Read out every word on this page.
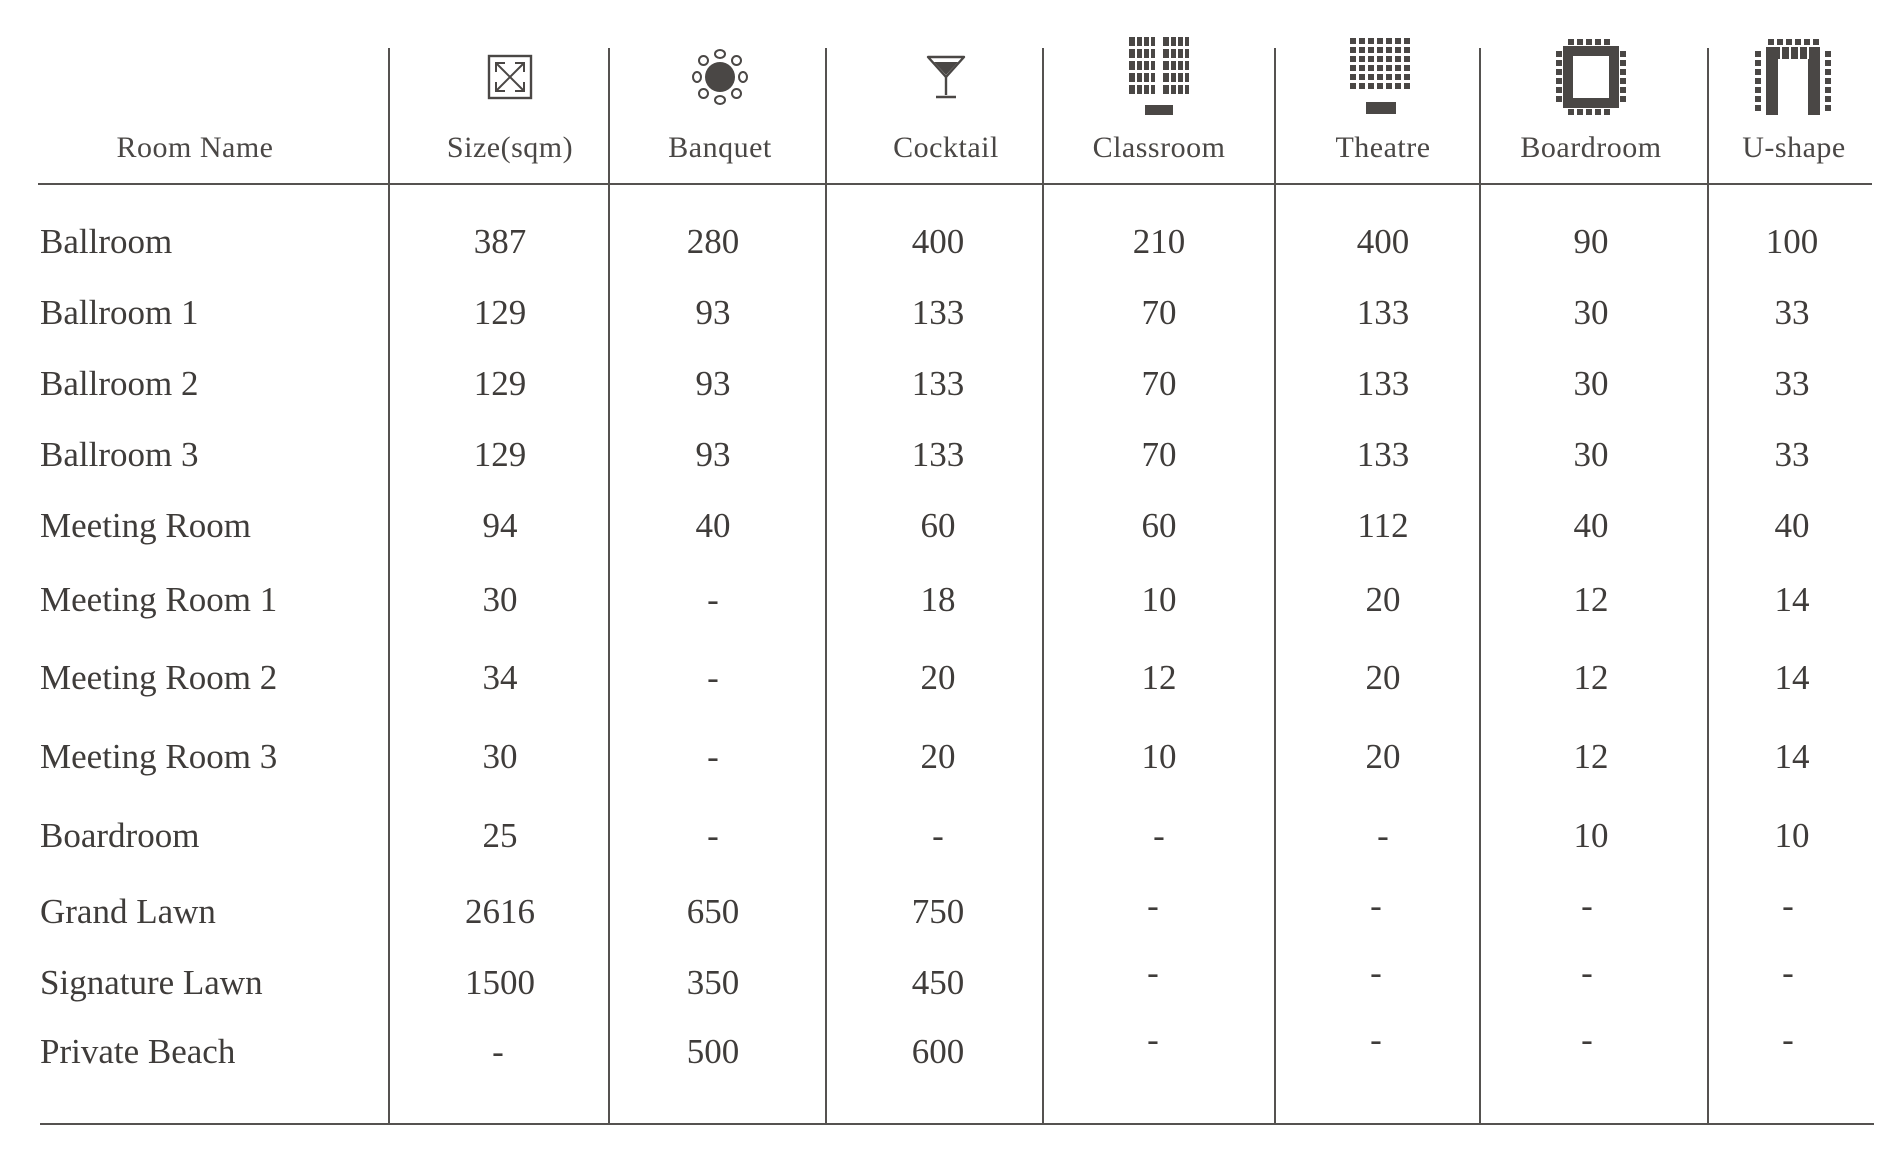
Room Name	Size(sqm)	Banquet	Cocktail	Classroom	Theatre	Boardroom	U-shape
Ballroom	387	280	400	210	400	90	100
Ballroom 1	129	93	133	70	133	30	33
Ballroom 2	129	93	133	70	133	30	33
Ballroom 3	129	93	133	70	133	30	33
Meeting Room	94	40	60	60	112	40	40
Meeting Room 1	30	-	18	10	20	12	14
Meeting Room 2	34	-	20	12	20	12	14
Meeting Room 3	30	-	20	10	20	12	14
Boardroom	25	-	-	-	-	10	10
Grand Lawn	2616	650	750	-	-	-	-
Signature Lawn	1500	350	450	-	-	-	-
Private Beach	-	500	600	-	-	-	-
